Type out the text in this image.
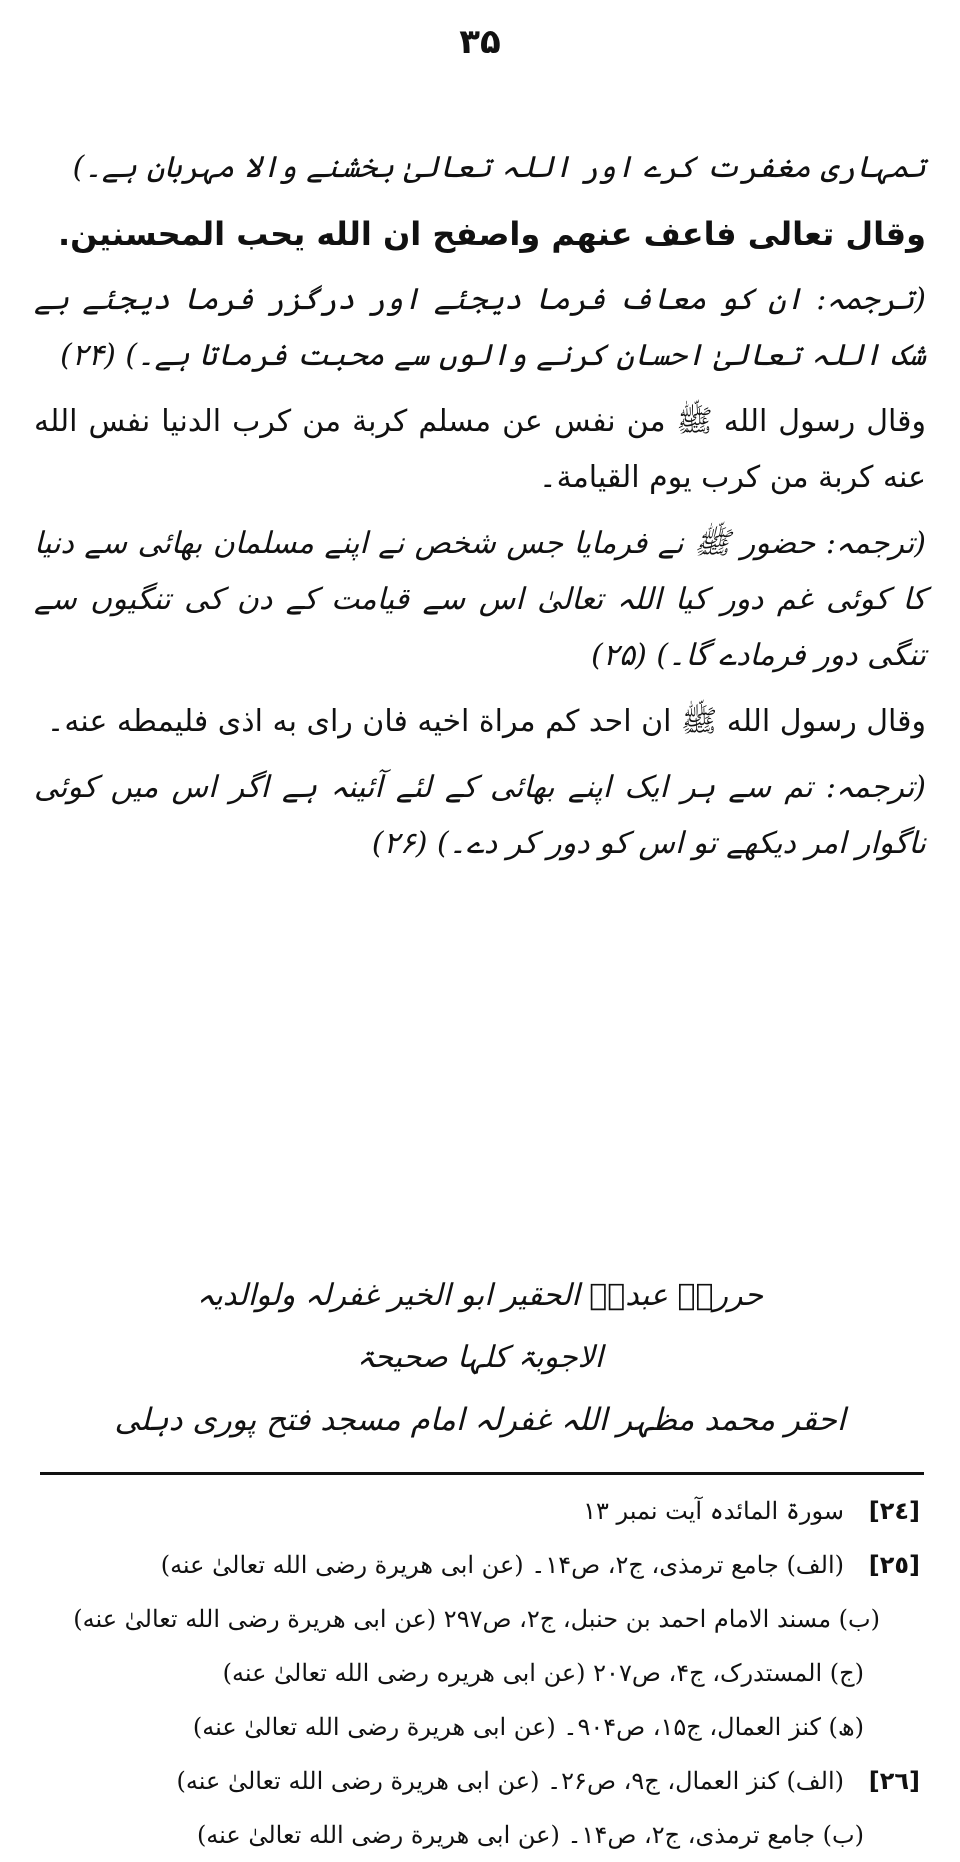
۳۵
تمہاری مغفرت کرے اور اللہ تعالیٰ بخشنے والا مہربان ہے۔)
وقال تعالی فاعف عنهم واصفح ان الله يحب المحسنين.
(ترجمہ: ان کو معاف فرما دیجئے اور درگزر فرما دیجئے بے شک اللہ تعالیٰ احسان کرنے والوں سے محبت فرماتا ہے۔) (۲۴)
وقال رسول الله ﷺ من نفس عن مسلم كربة من كرب الدنيا نفس الله عنه كربة من كرب يوم القيامة۔
(ترجمہ: حضور ﷺ نے فرمایا جس شخص نے اپنے مسلمان بھائی سے دنیا کا کوئی غم دور کیا اللہ تعالیٰ اس سے قیامت کے دن کی تنگیوں سے تنگی دور فرمادے گا۔) (۲۵)
وقال رسول الله ﷺ ان احد كم مراة اخيه فان راى به اذى فليمطه عنه۔
(ترجمہ: تم سے ہر ایک اپنے بھائی کے لئے آئینہ ہے اگر اس میں کوئی ناگوار امر دیکھے تو اس کو دور کر دے۔) (۲۶)
حررہٗ عبدہٗ الحقیر ابو الخیر غفرلہ ولوالدیہ
الاجوبۃ کلہا صحیحۃ
احقر محمد مظہر اللہ غفرلہ امام مسجد فتح پوری دہلی
[٢٤]
سورۃ المائدہ آیت نمبر ۱۳
[٢٥]
(الف) جامع ترمذی، ج۲، ص۱۴۔ (عن ابی هريرة رضی الله تعالیٰ عنه)
(ب) مسند الامام احمد بن حنبل، ج۲، ص۲۹۷ (عن ابی هريرة رضی الله تعالیٰ عنه)
(ج) المستدرک، ج۴، ص۲۰۷ (عن ابی هريره رضی الله تعالیٰ عنه)
(ھ) کنز العمال، ج۱۵، ص۹۰۴۔ (عن ابی هريرة رضی الله تعالیٰ عنه)
[٢٦]
(الف) کنز العمال، ج۹، ص۲۶۔ (عن ابی هريرة رضی الله تعالیٰ عنه)
(ب) جامع ترمذی، ج۲، ص۱۴۔ (عن ابی هريرة رضی الله تعالیٰ عنه)
